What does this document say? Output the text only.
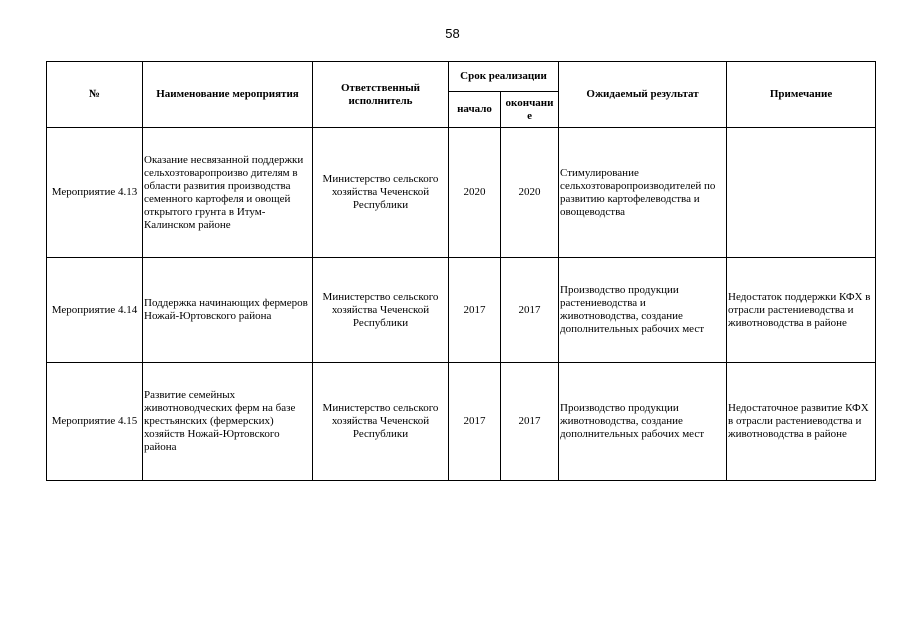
58
№	Наименование мероприятия	Ответственный исполнитель	Срок реализации		Ожидаемый результат	Примечание
			начало	окончани е		
Мероприятие 4.13	Оказание несвязанной поддержки сельхозтоваропроизво дителям в области развития производства семенного картофеля и овощей открытого грунта в Итум-Калинском районе	Министерство сельского хозяйства Чеченской Республики	2020	2020	Стимулирование сельхозтоваропроизводителей по развитию картофелеводства и овощеводства	
Мероприятие 4.14	Поддержка начинающих фермеров Ножай-Юртовского района	Министерство сельского хозяйства Чеченской Республики	2017	2017	Производство продукции растениеводства и животноводства, создание дополнительных рабочих мест	Недостаток поддержки КФХ в отрасли растениеводства и животноводства в районе
Мероприятие 4.15	Развитие семейных животноводческих ферм на базе крестьянских (фермерских) хозяйств Ножай-Юртовского района	Министерство сельского хозяйства Чеченской Республики	2017	2017	Производство продукции животноводства, создание дополнительных рабочих мест	Недостаточное развитие КФХ в отрасли растениеводства и животноводства в районе
